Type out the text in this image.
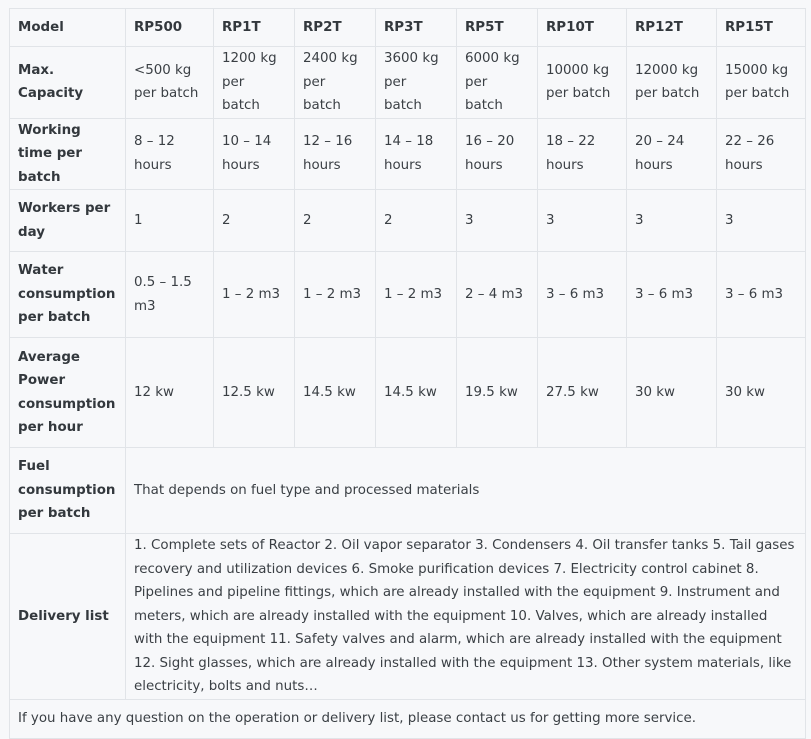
Model	RP500	RP1T	RP2T	RP3T	RP5T	RP10T	RP12T	RP15T
Max. Capacity	<500 kg per batch	1200 kg per batch	2400 kg per batch	3600 kg per batch	6000 kg per batch	10000 kg per batch	12000 kg per batch	15000 kg per batch
Working time per batch	8 – 12 hours	10 – 14 hours	12 – 16 hours	14 – 18 hours	16 – 20 hours	18 – 22 hours	20 – 24 hours	22 – 26 hours
Workers per day	1	2	2	2	3	3	3	3
Water consumption per batch	0.5 – 1.5 m3	1 – 2 m3	1 – 2 m3	1 – 2 m3	2 – 4 m3	3 – 6 m3	3 – 6 m3	3 – 6 m3
Average Power consumption per hour	12 kw	12.5 kw	14.5 kw	14.5 kw	19.5 kw	27.5 kw	30 kw	30 kw
Fuel consumption per batch	That depends on fuel type and processed materials							
Delivery list	1. Complete sets of Reactor 2. Oil vapor separator 3. Condensers 4. Oil transfer tanks 5. Tail gases recovery and utilization devices 6. Smoke purification devices 7. Electricity control cabinet 8. Pipelines and pipeline fittings, which are already installed with the equipment 9. Instrument and meters, which are already installed with the equipment 10. Valves, which are already installed with the equipment 11. Safety valves and alarm, which are already installed with the equipment 12. Sight glasses, which are already installed with the equipment 13. Other system materials, like electricity, bolts and nuts…							
If you have any question on the operation or delivery list, please contact us for getting more service.								
